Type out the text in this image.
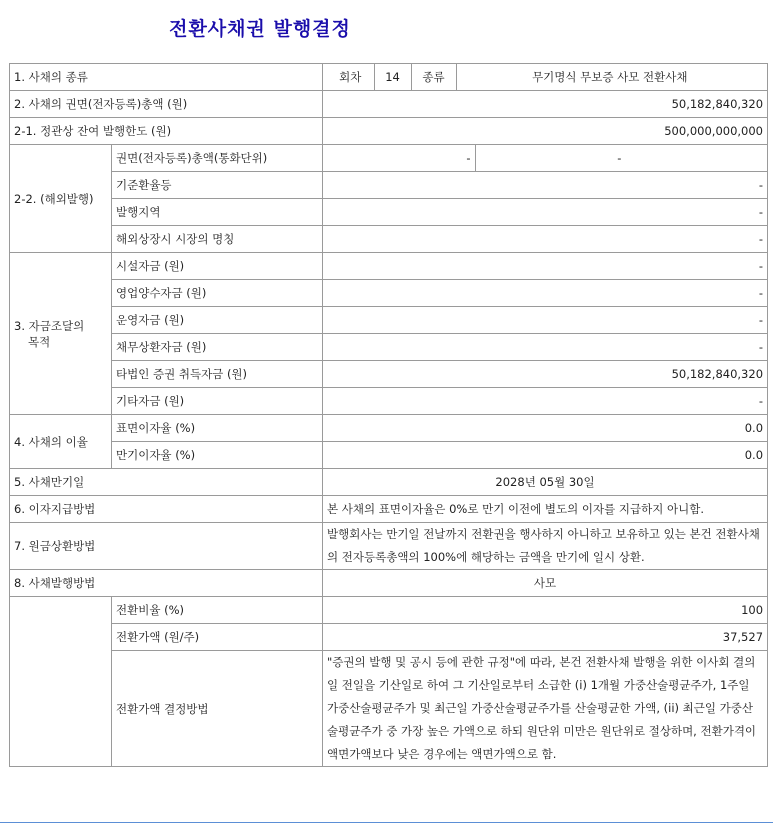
전환사채권 발행결정
1. 사채의 종류		회차	14	종류	무기명식 무보증 사모 전환사채

2. 사채의 권면(전자등록)총액 (원)	50,182,840,320
2-1. 정관상 잔여 발행한도 (원)	500,000,000,000
2-2. (해외발행)	권면(전자등록)총액(통화단위)		-	-

기준환율등	-
발행지역	-
해외상장시 시장의 명칭	-

3. 자금조달의
목적
	시설자금 (원)	-
영업양수자금 (원)	-
운영자금 (원)	-
채무상환자금 (원)	-
타법인 증권 취득자금 (원)	50,182,840,320
기타자금 (원)	-
4. 사채의 이율	표면이자율 (%)	0.0
만기이자율 (%)	0.0
5. 사채만기일	2028년 05월 30일
6. 이자지급방법	본 사채의 표면이자율은 0%로 만기 이전에 별도의 이자를 지급하지 아니함.
7. 원금상환방법	발행회사는 만기일 전날까지 전환권을 행사하지 아니하고 보유하고 있는 본건 전환사채의 전자등록총액의 100%에 해당하는 금액을 만기에 일시 상환.
8. 사채발행방법	사모
	전환비율 (%)	100
전환가액 (원/주)	37,527
전환가액 결정방법	"증권의 발행 및 공시 등에 관한 규정"에 따라, 본건 전환사채 발행을 위한 이사회 결의일 전일을 기산일로 하여 그 기산일로부터 소급한 (i) 1개월 가중산술평균주가, 1주일 가중산술평균주가 및 최근일 가중산술평균주가를 산술평균한 가액, (ii) 최근일 가중산술평균주가 중 가장 높은 가액으로 하되 원단위 미만은 원단위로 절상하며, 전환가격이 액면가액보다 낮은 경우에는 액면가액으로 함.
